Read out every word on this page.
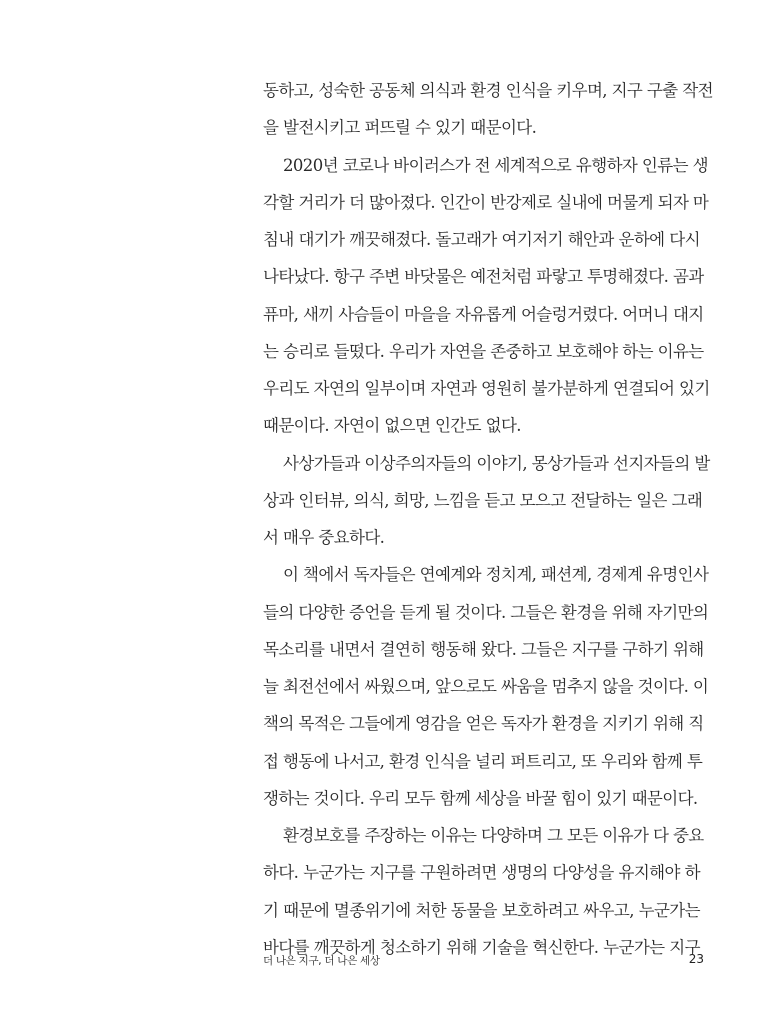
동하고, 성숙한 공동체 의식과 환경 인식을 키우며, 지구 구출 작전
을 발전시키고 퍼뜨릴 수 있기 때문이다.
2020년 코로나 바이러스가 전 세계적으로 유행하자 인류는 생
각할 거리가 더 많아졌다. 인간이 반강제로 실내에 머물게 되자 마
침내 대기가 깨끗해졌다. 돌고래가 여기저기 해안과 운하에 다시
나타났다. 항구 주변 바닷물은 예전처럼 파랗고 투명해졌다. 곰과
퓨마, 새끼 사슴들이 마을을 자유롭게 어슬렁거렸다. 어머니 대지
는 승리로 들떴다. 우리가 자연을 존중하고 보호해야 하는 이유는
우리도 자연의 일부이며 자연과 영원히 불가분하게 연결되어 있기
때문이다. 자연이 없으면 인간도 없다.
사상가들과 이상주의자들의 이야기, 몽상가들과 선지자들의 발
상과 인터뷰, 의식, 희망, 느낌을 듣고 모으고 전달하는 일은 그래
서 매우 중요하다.
이 책에서 독자들은 연예계와 정치계, 패션계, 경제계 유명인사
들의 다양한 증언을 듣게 될 것이다. 그들은 환경을 위해 자기만의
목소리를 내면서 결연히 행동해 왔다. 그들은 지구를 구하기 위해
늘 최전선에서 싸웠으며, 앞으로도 싸움을 멈추지 않을 것이다. 이
책의 목적은 그들에게 영감을 얻은 독자가 환경을 지키기 위해 직
접 행동에 나서고, 환경 인식을 널리 퍼트리고, 또 우리와 함께 투
쟁하는 것이다. 우리 모두 함께 세상을 바꿀 힘이 있기 때문이다.
환경보호를 주장하는 이유는 다양하며 그 모든 이유가 다 중요
하다. 누군가는 지구를 구원하려면 생명의 다양성을 유지해야 하
기 때문에 멸종위기에 처한 동물을 보호하려고 싸우고, 누군가는
바다를 깨끗하게 청소하기 위해 기술을 혁신한다. 누군가는 지구
더 나은 지구, 더 나은 세상	23
